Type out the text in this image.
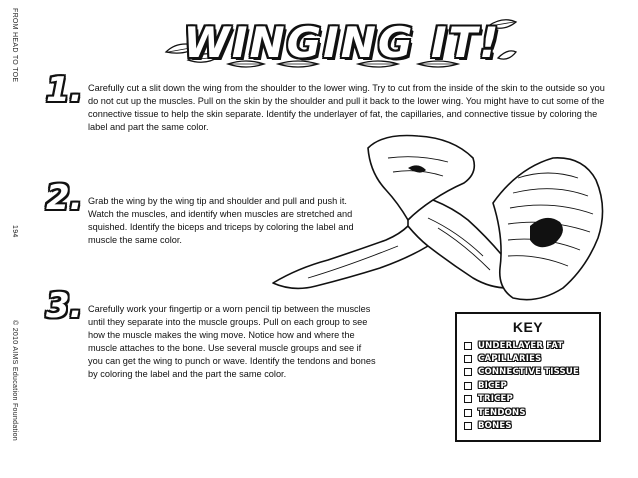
FROM HEAD TO TOE
194
© 2010 AIMS Education Foundation
WINGING IT!
1.
2.
3.
Carefully cut a slit down the wing from the shoulder to the lower wing. Try to cut from the inside of the skin to the outside so you do not cut up the muscles. Pull on the skin by the shoulder and pull it back to the lower wing. You might have to cut some of the connective tissue to help the skin separate. Identify the underlayer of fat, the capillaries, and connective tissue by coloring the label and part the same color.
Grab the wing by the wing tip and shoulder and pull and push it. Watch the muscles, and identify when muscles are stretched and squished. Identify the biceps and triceps by coloring the label and muscle the same color.
Carefully work your fingertip or a worn pencil tip between the muscles until they separate into the muscle groups. Pull on each group to see how the muscle makes the wing move. Notice how and where the muscle attaches to the bone. Use several muscle groups and see if you can get the wing to punch or wave. Identify the tendons and bones by coloring the label and the part the same color.
KEY
UNDERLAYER FAT
CAPILLARIES
CONNECTIVE TISSUE
BICEP
TRICEP
TENDONS
BONES
